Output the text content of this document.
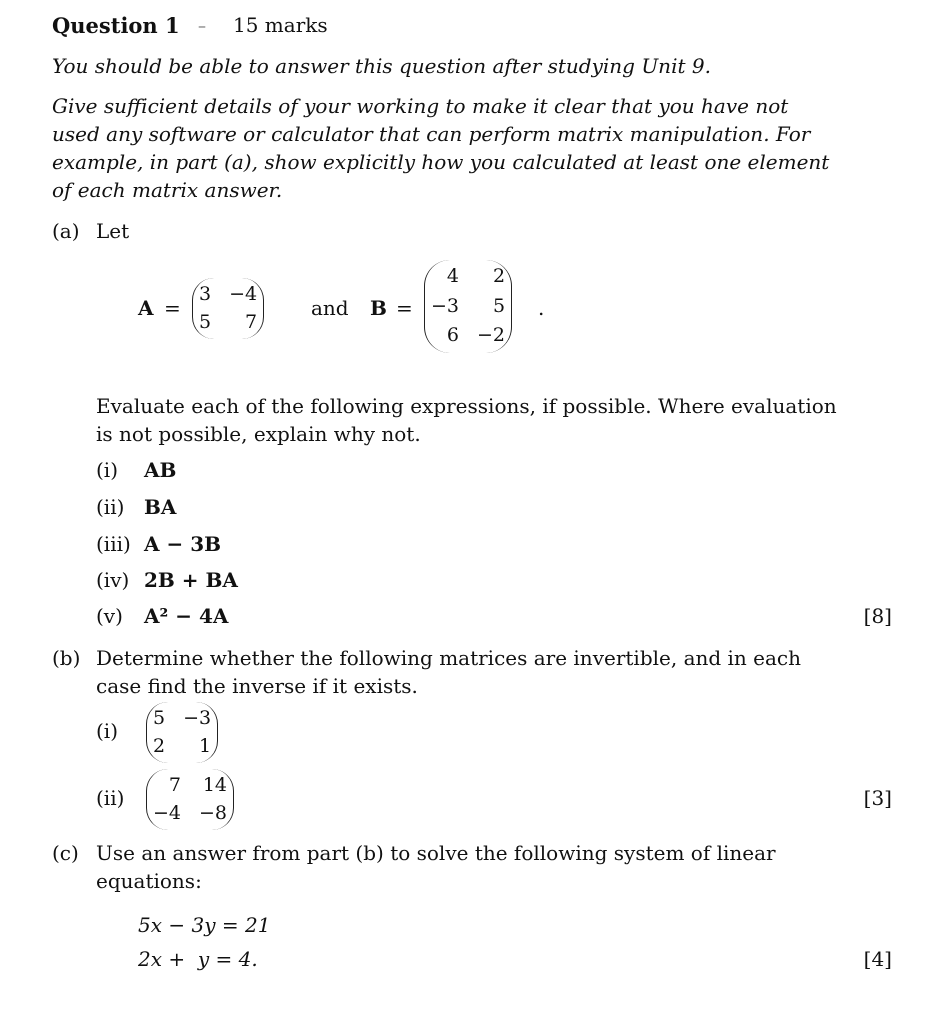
Question 1 – 15 marks
You should be able to answer this question after studying Unit 9.
Give sufficient details of your working to make it clear that you have not
used any software or calculator that can perform matrix manipulation. For
example, in part (a), show explicitly how you calculated at least one element
of each matrix answer.
(a) Let
A =
3 −4
5	7
and B =
4	2
−3	5
6 −2
.
Evaluate each of the following expressions, if possible. Where evaluation
is not possible, explain why not.
(i) AB
(ii) BA
(iii) A − 3B
(iv) 2B + BA
(v) A² − 4A	[8]
(b) Determine whether the following matrices are invertible, and in each
case find the inverse if it exists.
(i)
5 −3
2	1
(ii)
7 14
−4 −8
[3]
(c) Use an answer from part (b) to solve the following system of linear
equations:
5x − 3y = 21
2x +  y = 4.	[4]
